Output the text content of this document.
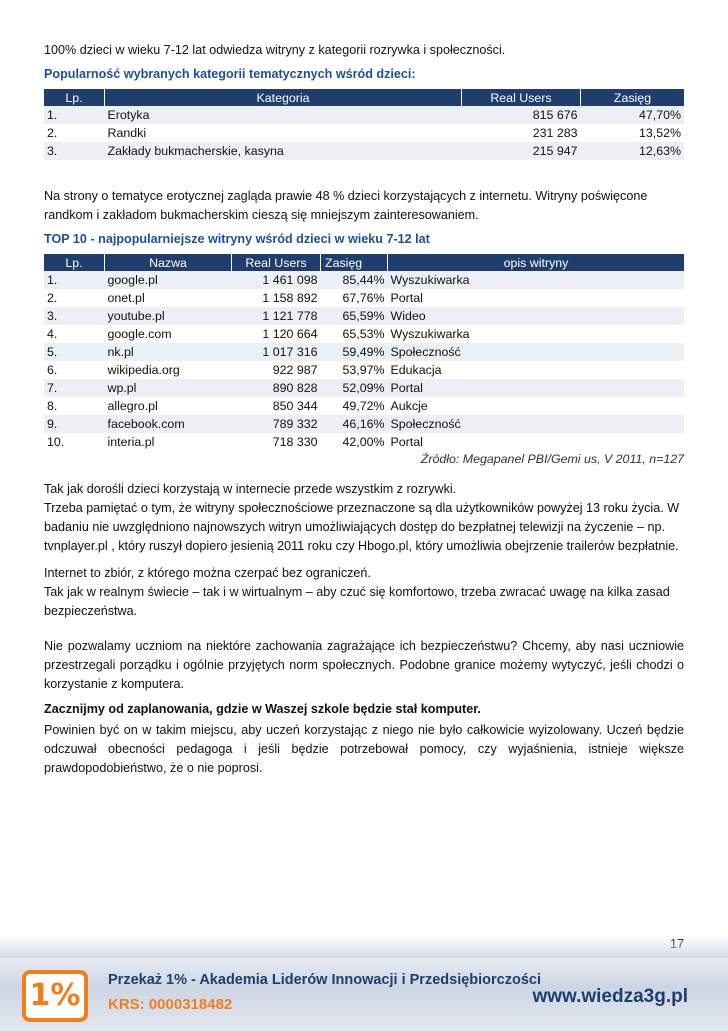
100% dzieci w wieku 7-12 lat odwiedza witryny z kategorii rozrywka i społeczności.

Popularność wybranych kategorii tematycznych wśród dzieci:
Lp.	Kategoria	Real Users	Zasięg
1.	Erotyka	815 676	47,70%
2.	Randki	231 283	13,52%
3.	Zakłady bukmacherskie, kasyna	215 947	12,63%

Na strony o tematyce erotycznej zagląda prawie 48 % dzieci korzystających z internetu. Witryny poświęcone randkom i zakładom bukmacherskim cieszą się mniejszym zainteresowaniem.

TOP 10 - najpopularniejsze witryny wśród dzieci w wieku 7-12 lat
Lp.	Nazwa	Real Users	Zasięg	opis witryny
1.	google.pl	1 461 098	85,44%	Wyszukiwarka
2.	onet.pl	1 158 892	67,76%	Portal
3.	youtube.pl	1 121 778	65,59%	Wideo
4.	google.com	1 120 664	65,53%	Wyszukiwarka
5.	nk.pl	1 017 316	59,49%	Społeczność
6.	wikipedia.org	922 987	53,97%	Edukacja
7.	wp.pl	890 828	52,09%	Portal
8.	allegro.pl	850 344	49,72%	Aukcje
9.	facebook.com	789 332	46,16%	Społeczność
10.	interia.pl	718 330	42,00%	Portal
Źródło: Megapanel PBI/Gemi us, V 2011, n=127

Tak jak dorośli dzieci korzystają w internecie przede wszystkim z rozrywki.

Trzeba pamiętać o tym, że witryny społecznościowe przeznaczone są dla użytkowników powyżej 13 roku życia. W badaniu nie uwzględniono najnowszych witryn umożliwiających dostęp do bezpłatnej telewizji na życzenie – np. tvnplayer.pl , który ruszył dopiero jesienią 2011 roku czy Hbogo.pl, który umożliwia obejrzenie trailerów bezpłatnie.

Internet to zbiór, z którego można czerpać bez ograniczeń.

Tak jak w realnym świecie – tak i w wirtualnym – aby czuć się komfortowo, trzeba zwracać uwagę na kilka zasad bezpieczeństwa.

Nie pozwalamy uczniom na niektóre zachowania zagrażające ich bezpieczeństwu? Chcemy, aby nasi uczniowie przestrzegali porządku i ogólnie przyjętych norm społecznych. Podobne granice możemy wytyczyć, jeśli chodzi o korzystanie z komputera.

Zacznijmy od zaplanowania, gdzie w Waszej szkole będzie stał komputer.

Powinien być on w takim miejscu, aby uczeń korzystając z niego nie było całkowicie wyizolowany. Uczeń będzie odczuwał obecności pedagoga i jeśli będzie potrzebował pomocy, czy wyjaśnienia, istnieje większe prawdopodobieństwo, że o nie poprosi.

1%	Przekaż 1% - Akademia Liderów Innowacji i Przedsiębiorczości
KRS: 0000318482	www.wiedza3g.pl
